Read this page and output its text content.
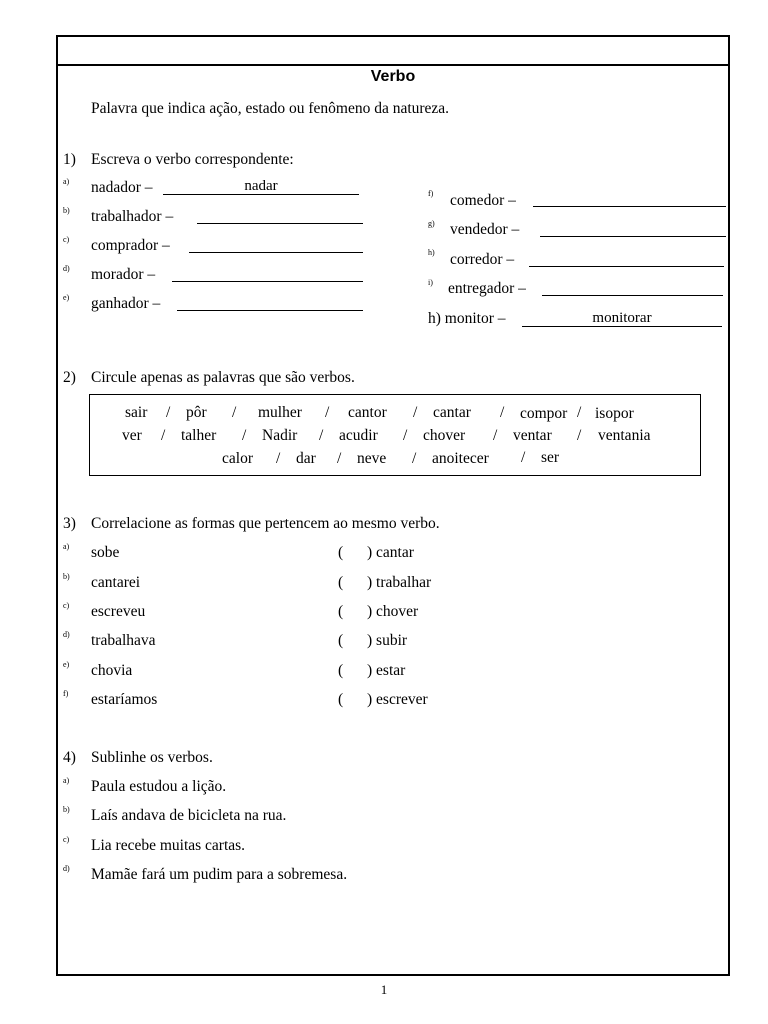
Verbo
Palavra que indica ação, estado ou fenômeno da natureza.
1) Escreva o verbo correspondente:
a) nadador –	nadar
b) trabalhador –
c) comprador –
d) morador –
e) ganhador –
f) comedor –
g) vendedor –
h) corredor –
i) entregador –
h) monitor –	monitorar
2) Circule apenas as palavras que são verbos.
sair / pôr / mulher / cantor / cantar / compor / isopor
ver / talher / Nadir / acudir / chover / ventar / ventania
calor / dar / neve / anoitecer / ser
3) Correlacione as formas que pertencem ao mesmo verbo.
a) sobe	( ) cantar
b) cantarei	( ) trabalhar
c) escreveu	( ) chover
d) trabalhava	( ) subir
e) chovia	( ) estar
f) estaríamos	( ) escrever
4) Sublinhe os verbos.
a) Paula estudou a lição.
b) Laís andava de bicicleta na rua.
c) Lia recebe muitas cartas.
d) Mamãe fará um pudim para a sobremesa.
1
